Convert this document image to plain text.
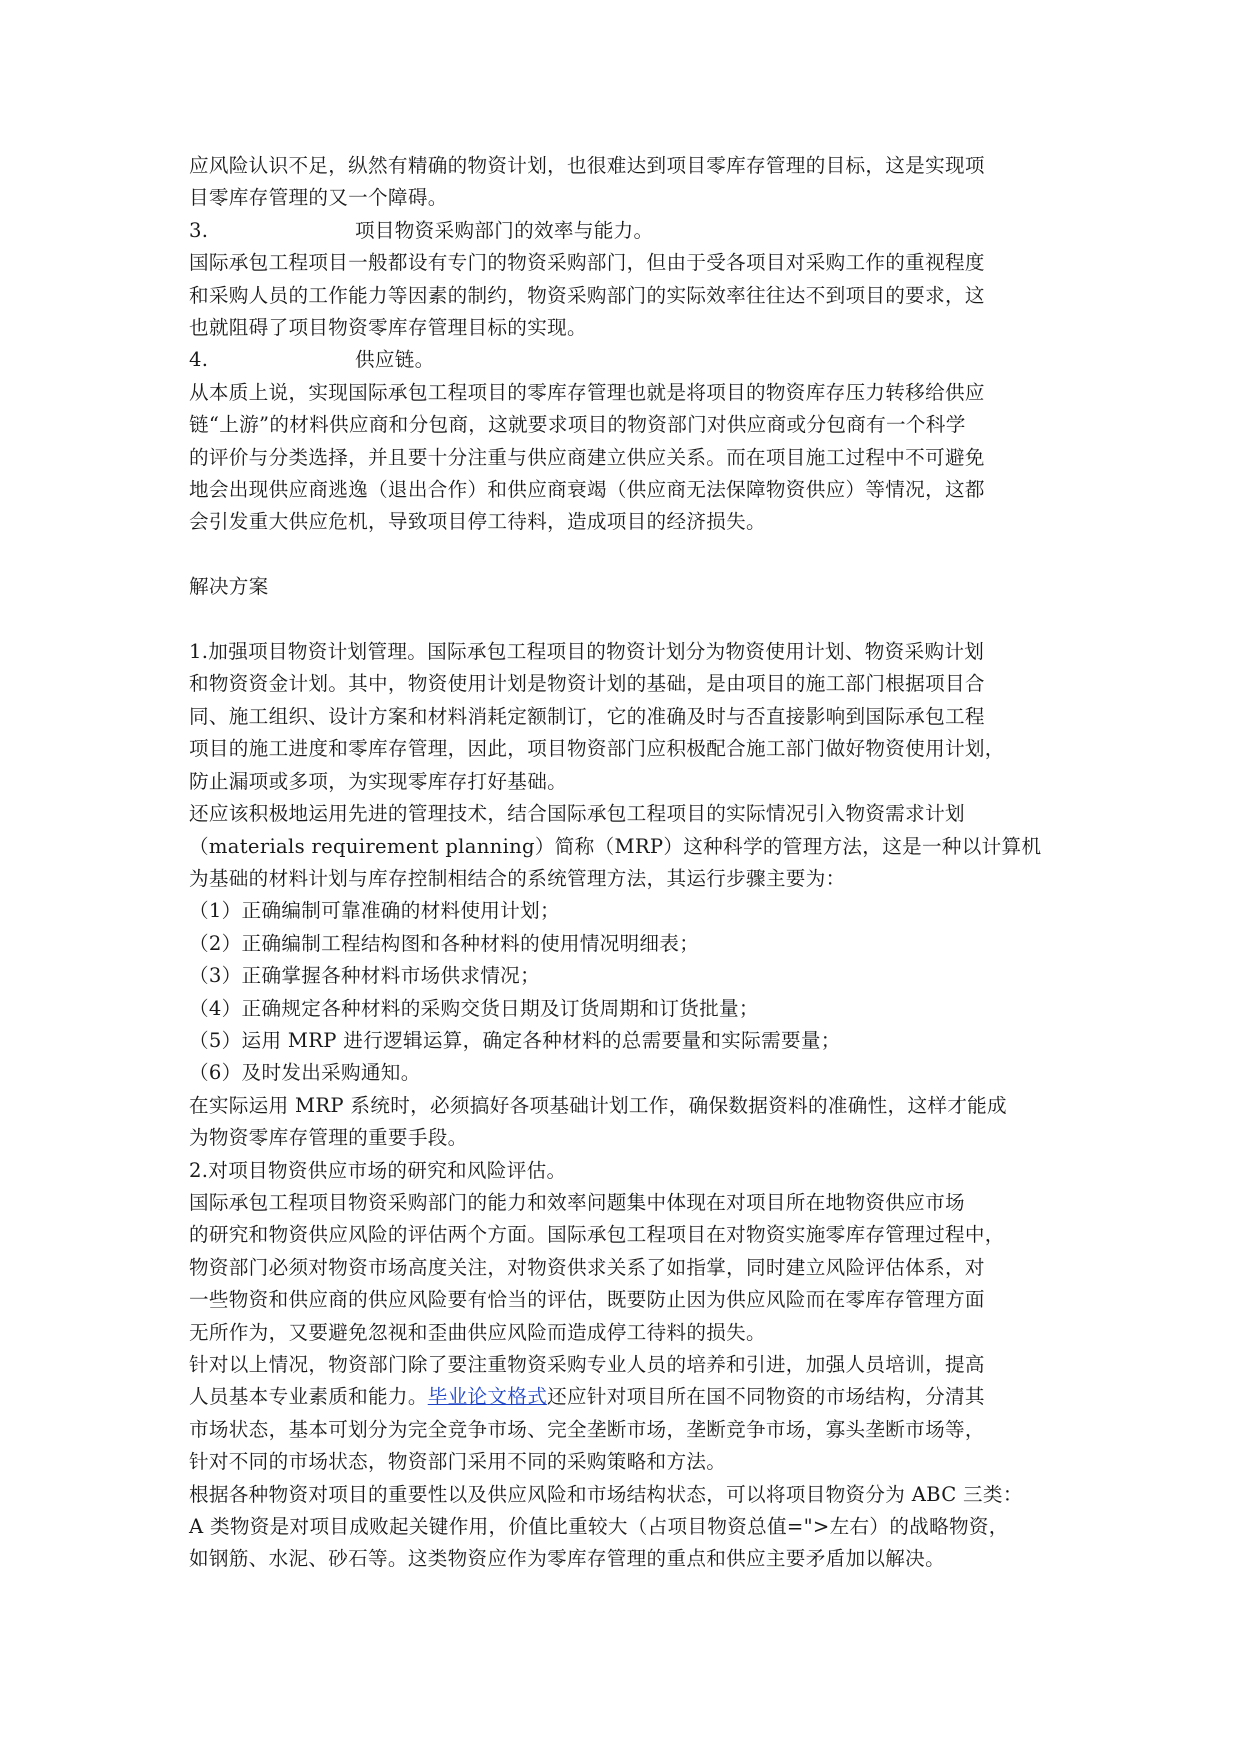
应风险认识不足，纵然有精确的物资计划，也很难达到项目零库存管理的目标，这是实现项

目零库存管理的又一个障碍。

3.	项目物资采购部门的效率与能力。

国际承包工程项目一般都设有专门的物资采购部门，但由于受各项目对采购工作的重视程度

和采购人员的工作能力等因素的制约，物资采购部门的实际效率往往达不到项目的要求，这

也就阻碍了项目物资零库存管理目标的实现。

4.	供应链。

从本质上说，实现国际承包工程项目的零库存管理也就是将项目的物资库存压力转移给供应

链“上游”的材料供应商和分包商，这就要求项目的物资部门对供应商或分包商有一个科学

的评价与分类选择，并且要十分注重与供应商建立供应关系。而在项目施工过程中不可避免

地会出现供应商逃逸（退出合作）和供应商衰竭（供应商无法保障物资供应）等情况，这都

会引发重大供应危机，导致项目停工待料，造成项目的经济损失。

解决方案

1.加强项目物资计划管理。国际承包工程项目的物资计划分为物资使用计划、物资采购计划

和物资资金计划。其中，物资使用计划是物资计划的基础，是由项目的施工部门根据项目合

同、施工组织、设计方案和材料消耗定额制订，它的准确及时与否直接影响到国际承包工程

项目的施工进度和零库存管理，因此，项目物资部门应积极配合施工部门做好物资使用计划，

防止漏项或多项，为实现零库存打好基础。

还应该积极地运用先进的管理技术，结合国际承包工程项目的实际情况引入物资需求计划

（materials requirement planning）简称（MRP）这种科学的管理方法，这是一种以计算机

为基础的材料计划与库存控制相结合的系统管理方法，其运行步骤主要为：

（1）正确编制可靠准确的材料使用计划；

（2）正确编制工程结构图和各种材料的使用情况明细表；

（3）正确掌握各种材料市场供求情况；

（4）正确规定各种材料的采购交货日期及订货周期和订货批量；

（5）运用 MRP 进行逻辑运算，确定各种材料的总需要量和实际需要量；

（6）及时发出采购通知。

在实际运用 MRP 系统时，必须搞好各项基础计划工作，确保数据资料的准确性，这样才能成

为物资零库存管理的重要手段。

2.对项目物资供应市场的研究和风险评估。

国际承包工程项目物资采购部门的能力和效率问题集中体现在对项目所在地物资供应市场

的研究和物资供应风险的评估两个方面。国际承包工程项目在对物资实施零库存管理过程中，

物资部门必须对物资市场高度关注，对物资供求关系了如指掌，同时建立风险评估体系，对

一些物资和供应商的供应风险要有恰当的评估，既要防止因为供应风险而在零库存管理方面

无所作为，又要避免忽视和歪曲供应风险而造成停工待料的损失。

针对以上情况，物资部门除了要注重物资采购专业人员的培养和引进，加强人员培训，提高

人员基本专业素质和能力。毕业论文格式还应针对项目所在国不同物资的市场结构，分清其

市场状态，基本可划分为完全竞争市场、完全垄断市场，垄断竞争市场，寡头垄断市场等，

针对不同的市场状态，物资部门采用不同的采购策略和方法。

根据各种物资对项目的重要性以及供应风险和市场结构状态，可以将项目物资分为 ABC 三类：

A 类物资是对项目成败起关键作用，价值比重较大（占项目物资总值=">左右）的战略物资，

如钢筋、水泥、砂石等。这类物资应作为零库存管理的重点和供应主要矛盾加以解决。
